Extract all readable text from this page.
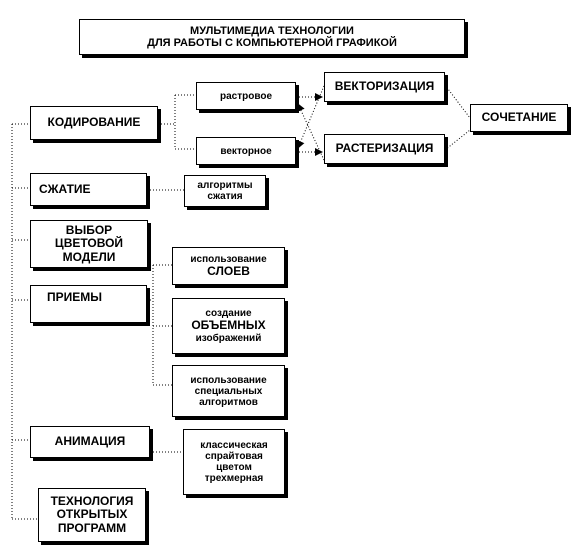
МУЛЬТИМЕДИА ТЕХНОЛОГИИ
ДЛЯ РАБОТЫ С КОМПЬЮТЕРНОЙ ГРАФИКОЙ
КОДИРОВАНИЕ
СЖАТИЕ
ВЫБОР
ЦВЕТОВОЙ
МОДЕЛИ
ПРИЕМЫ
АНИМАЦИЯ
ТЕХНОЛОГИЯ
ОТКРЫТЫХ
ПРОГРАММ
растровое
векторное
ВЕКТОРИЗАЦИЯ
РАСТЕРИЗАЦИЯ
СОЧЕТАНИЕ
алгоритмы
сжатия
использование
СЛОЕВ
создание
ОБЪЕМНЫХ
изображений
использование
специальных
алгоритмов
классическая
спрайтовая
цветом
трехмерная
